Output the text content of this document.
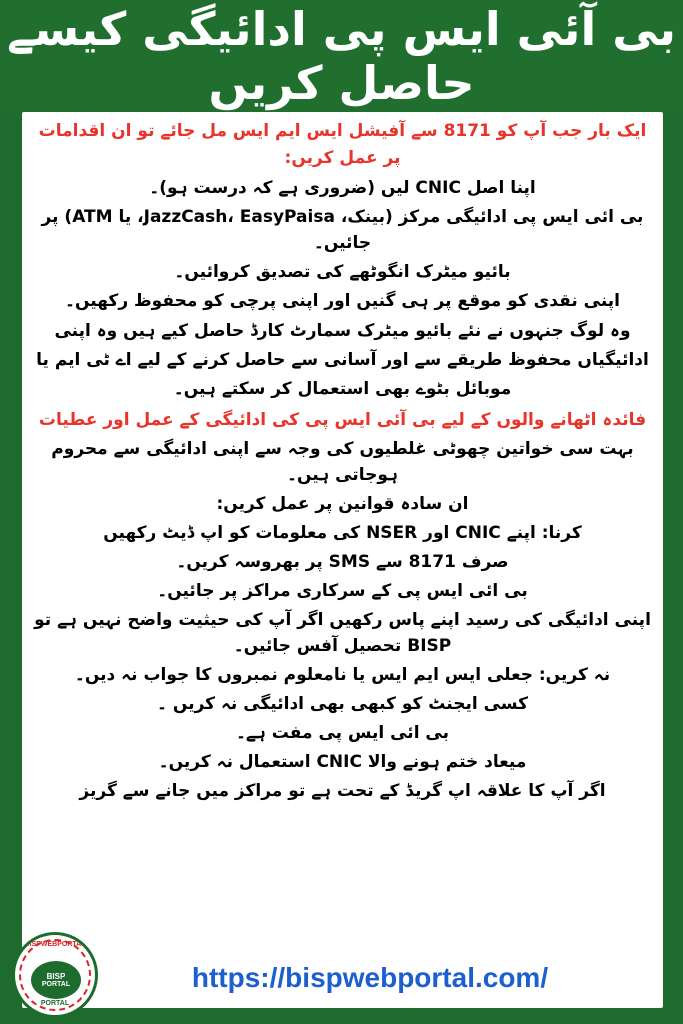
بی آئی ایس پی ادائیگی کیسے حاصل کریں

ایک بار جب آپ کو 8171 سے آفیشل ایس ایم ایس مل جائے تو ان اقدامات پر عمل کریں:

اپنا اصل CNIC لیں (ضروری ہے کہ درست ہو)۔

بی ائی ایس پی ادائیگی مرکز (بینک، JazzCash، EasyPaisa، یا ATM) پر جائیں۔

بائیو میٹرک انگوٹھے کی تصدیق کروائیں۔

اپنی نقدی کو موقع پر ہی گنیں اور اپنی پرچی کو محفوظ رکھیں۔

وہ لوگ جنہوں نے نئے بائیو میٹرک سمارٹ کارڈ حاصل کیے ہیں وہ اپنی ادائیگیاں محفوظ طریقے سے اور آسانی سے حاصل کرنے کے لیے اے ٹی ایم یا موبائل بٹوے بھی استعمال کر سکتے ہیں۔

فائدہ اٹھانے والوں کے لیے بی آئی ایس پی کی ادائیگی کے عمل اور عطیات

بہت سی خواتین چھوٹی غلطیوں کی وجہ سے اپنی ادائیگی سے محروم ہوجاتی ہیں۔

ان سادہ قوانین پر عمل کریں:

کرنا: اپنے CNIC اور NSER کی معلومات کو اپ ڈیٹ رکھیں

صرف 8171 سے SMS پر بھروسہ کریں۔

بی ائی ایس پی کے سرکاری مراکز پر جائیں۔

اپنی ادائیگی کی رسید اپنے پاس رکھیں اگر آپ کی حیثیت واضح نہیں ہے تو BISP تحصیل آفس جائیں۔

نہ کریں: جعلی ایس ایم ایس یا نامعلوم نمبروں کا جواب نہ دیں۔

کسی ایجنٹ کو کبھی بھی ادائیگی نہ کریں ۔

بی ائی ایس پی مفت ہے۔

میعاد ختم ہونے والا CNIC استعمال نہ کریں۔

اگر آپ کا علاقہ اپ گریڈ کے تحت ہے تو مراکز میں جانے سے گریز

BISPWEBPORTAL
BISP
PORTAL
PORTAL
https://bispwebportal.com/
